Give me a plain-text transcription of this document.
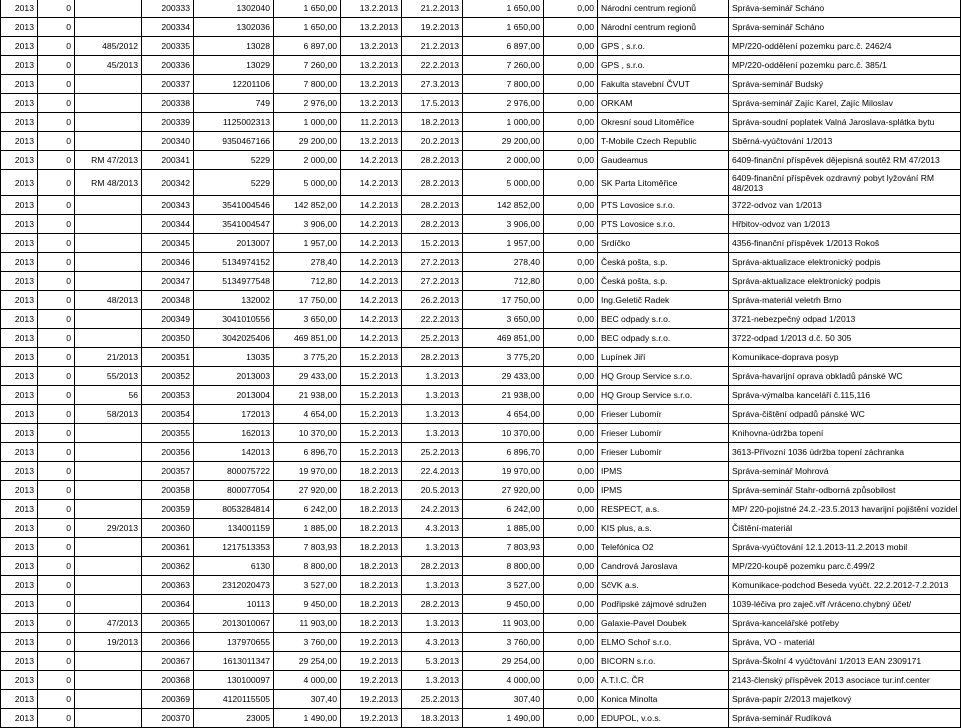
2013	0		200333	1302040	1 650,00	13.2.2013	21.2.2013	1 650,00	0,00	Národní centrum regionů	Správa-seminář Scháno
2013	0		200334	1302036	1 650,00	13.2.2013	19.2.2013	1 650,00	0,00	Národní centrum regionů	Správa-seminář Scháno
2013	0	485/2012	200335	13028	6 897,00	13.2.2013	21.2.2013	6 897,00	0,00	GPS , s.r.o.	MP/220-oddělení pozemku parc.č. 2462/4
2013	0	45/2013	200336	13029	7 260,00	13.2.2013	22.2.2013	7 260,00	0,00	GPS , s.r.o.	MP/220-oddělení pozemku parc.č. 385/1
2013	0		200337	12201106	7 800,00	13.2.2013	27.3.2013	7 800,00	0,00	Fakulta stavební ČVUT	Správa-seminář Budský
2013	0		200338	749	2 976,00	13.2.2013	17.5.2013	2 976,00	0,00	ORKAM	Správa-seminář Zajíc Karel, Zajíc Miloslav
2013	0		200339	1125002313	1 000,00	11.2.2013	18.2.2013	1 000,00	0,00	Okresní soud Litoměřice	Správa-soudní poplatek Valná Jaroslava-splátka bytu
2013	0		200340	9350467166	29 200,00	13.2.2013	20.2.2013	29 200,00	0,00	T-Mobile Czech Republic	Sběrná-vyúčtování 1/2013
2013	0	RM 47/2013	200341	5229	2 000,00	14.2.2013	28.2.2013	2 000,00	0,00	Gaudeamus	6409-finanční příspěvek dějepisná soutěž RM 47/2013
2013	0	RM 48/2013	200342	5229	5 000,00	14.2.2013	28.2.2013	5 000,00	0,00	SK Parta Litoměřice	6409-finanční příspěvek ozdravný pobyt lyžování RM 48/2013
2013	0		200343	3541004546	142 852,00	14.2.2013	28.2.2013	142 852,00	0,00	PTS Lovosice s.r.o.	3722-odvoz van 1/2013
2013	0		200344	3541004547	3 906,00	14.2.2013	28.2.2013	3 906,00	0,00	PTS Lovosice s.r.o.	Hřbitov-odvoz van 1/2013
2013	0		200345	2013007	1 957,00	14.2.2013	15.2.2013	1 957,00	0,00	Srdíčko	4356-finanční příspěvek 1/2013 Rokoš
2013	0		200346	5134974152	278,40	14.2.2013	27.2.2013	278,40	0,00	Česká pošta, s.p.	Správa-aktualizace elektronický podpis
2013	0		200347	5134977548	712,80	14.2.2013	27.2.2013	712,80	0,00	Česká pošta, s.p.	Správa-aktualizace elektronický podpis
2013	0	48/2013	200348	132002	17 750,00	14.2.2013	26.2.2013	17 750,00	0,00	Ing.Geletič Radek	Správa-materiál veletrh Brno
2013	0		200349	3041010556	3 650,00	14.2.2013	22.2.2013	3 650,00	0,00	BEC odpady s.r.o.	3721-nebezpečný odpad 1/2013
2013	0		200350	3042025406	469 851,00	14.2.2013	25.2.2013	469 851,00	0,00	BEC odpady s.r.o.	3722-odpad 1/2013 d.č. 50 305
2013	0	21/2013	200351	13035	3 775,20	15.2.2013	28.2.2013	3 775,20	0,00	Lupínek Jiří	Komunikace-doprava posyp
2013	0	55/2013	200352	2013003	29 433,00	15.2.2013	1.3.2013	29 433,00	0,00	HQ Group Service s.r.o.	Správa-havarijní oprava obkladů pánské WC
2013	0	56	200353	2013004	21 938,00	15.2.2013	1.3.2013	21 938,00	0,00	HQ Group Service s.r.o.	Správa-výmalba kanceláří č.115,116
2013	0	58/2013	200354	172013	4 654,00	15.2.2013	1.3.2013	4 654,00	0,00	Frieser Lubomír	Správa-čištění odpadů pánské WC
2013	0		200355	162013	10 370,00	15.2.2013	1.3.2013	10 370,00	0,00	Frieser Lubomír	Knihovna-údržba topení
2013	0		200356	142013	6 896,70	15.2.2013	25.2.2013	6 896,70	0,00	Frieser Lubomír	3613-Přívozní 1036 údržba topení záchranka
2013	0		200357	800075722	19 970,00	18.2.2013	22.4.2013	19 970,00	0,00	IPMS	Správa-seminář Mohrová
2013	0		200358	800077054	27 920,00	18.2.2013	20.5.2013	27 920,00	0,00	IPMS	Správa-seminář Stahr-odborná způsobilost
2013	0		200359	8053284814	6 242,00	18.2.2013	24.2.2013	6 242,00	0,00	RESPECT, a.s.	MP/ 220-pojistné 24.2.-23.5.2013 havarijní pojištění vozidel
2013	0	29/2013	200360	134001159	1 885,00	18.2.2013	4.3.2013	1 885,00	0,00	KIS plus, a.s.	Čištění-materiál
2013	0		200361	1217513353	7 803,93	18.2.2013	1.3.2013	7 803,93	0,00	Telefónica O2	Správa-vyúčtování 12.1.2013-11.2.2013 mobil
2013	0		200362	6130	8 800,00	18.2.2013	28.2.2013	8 800,00	0,00	Candrová Jaroslava	MP/220-koupě pozemku parc.č.499/2
2013	0		200363	2312020473	3 527,00	18.2.2013	1.3.2013	3 527,00	0,00	SčVK a.s.	Komunikace-podchod Beseda vyúčt. 22.2.2012-7.2.2013
2013	0		200364	10113	9 450,00	18.2.2013	28.2.2013	9 450,00	0,00	Podřipské zájmové sdružen	1039-léčiva pro zaječ.vřf /vráceno.chybný účet/
2013	0	47/2013	200365	2013010067	11 903,00	18.2.2013	1.3.2013	11 903,00	0,00	Galaxie-Pavel Doubek	Správa-kancelářské potřeby
2013	0	19/2013	200366	137970655	3 760,00	19.2.2013	4.3.2013	3 760,00	0,00	ELMO Schoř s.r.o.	Správa, VO - materiál
2013	0		200367	1613011347	29 254,00	19.2.2013	5.3.2013	29 254,00	0,00	BICORN s.r.o.	Správa-Školní 4 vyúčtování 1/2013 EAN 2309171
2013	0		200368	130100097	4 000,00	19.2.2013	1.3.2013	4 000,00	0,00	A.T.I.C. ČR	2143-členský příspěvek 2013 asociace tur.inf.center
2013	0		200369	4120115505	307,40	19.2.2013	25.2.2013	307,40	0,00	Konica Minolta	Správa-papír 2/2013 majetkový
2013	0		200370	23005	1 490,00	19.2.2013	18.3.2013	1 490,00	0,00	EDUPOL, v.o.s.	Správa-seminář Rudíková
